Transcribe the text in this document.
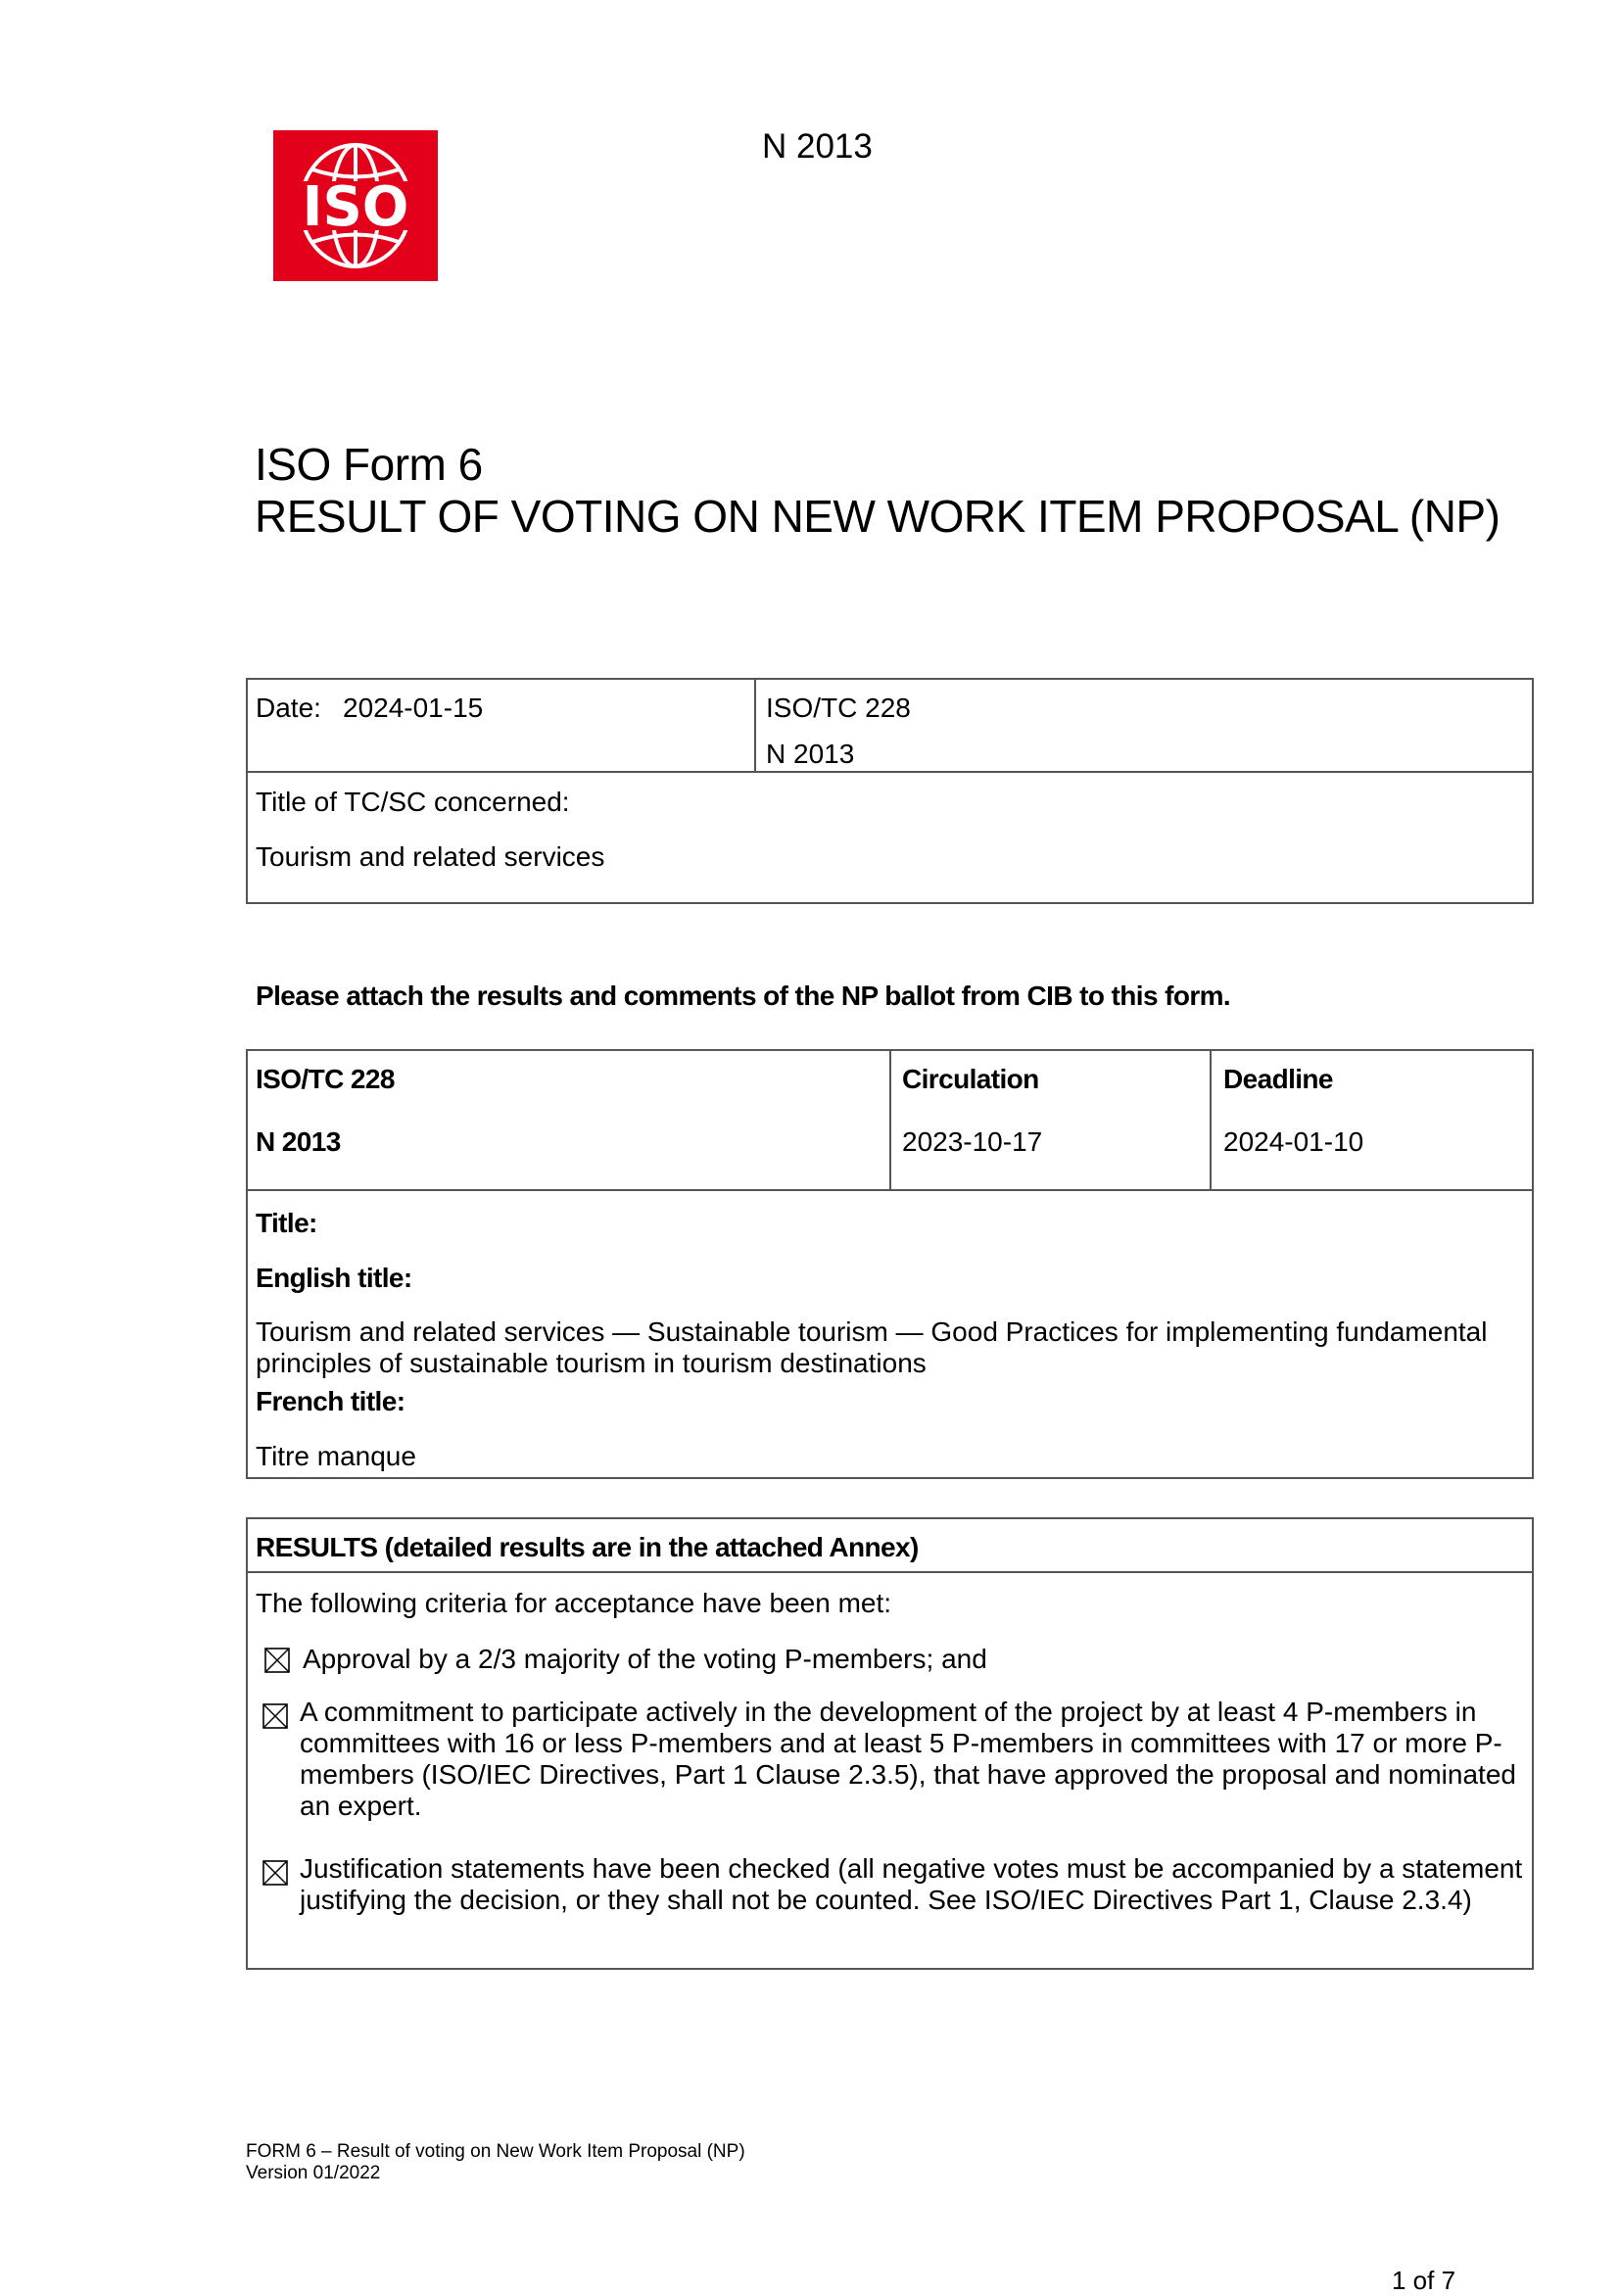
ISO
N 2013
ISO Form 6
RESULT OF VOTING ON NEW WORK ITEM PROPOSAL (NP)
Date: 2024-01-15	ISO/TC 228
N 2013
Title of TC/SC concerned:
Tourism and related services
Please attach the results and comments of the NP ballot from CIB to this form.
ISO/TC 228
N 2013
Circulation
2023-10-17
Deadline
2024-01-10
Title:
English title:
Tourism and related services — Sustainable tourism — Good Practices for implementing fundamental
principles of sustainable tourism in tourism destinations
French title:
Titre manque
RESULTS (detailed results are in the attached Annex)
The following criteria for acceptance have been met:
Approval by a 2/3 majority of the voting P-members; and
A commitment to participate actively in the development of the project by at least 4 P-members in
committees with 16 or less P-members and at least 5 P-members in committees with 17 or more P-
members (ISO/IEC Directives, Part 1 Clause 2.3.5), that have approved the proposal and nominated
an expert.
Justification statements have been checked (all negative votes must be accompanied by a statement
justifying the decision, or they shall not be counted. See ISO/IEC Directives Part 1, Clause 2.3.4)
FORM 6 – Result of voting on New Work Item Proposal (NP)
Version 01/2022
1 of 7
